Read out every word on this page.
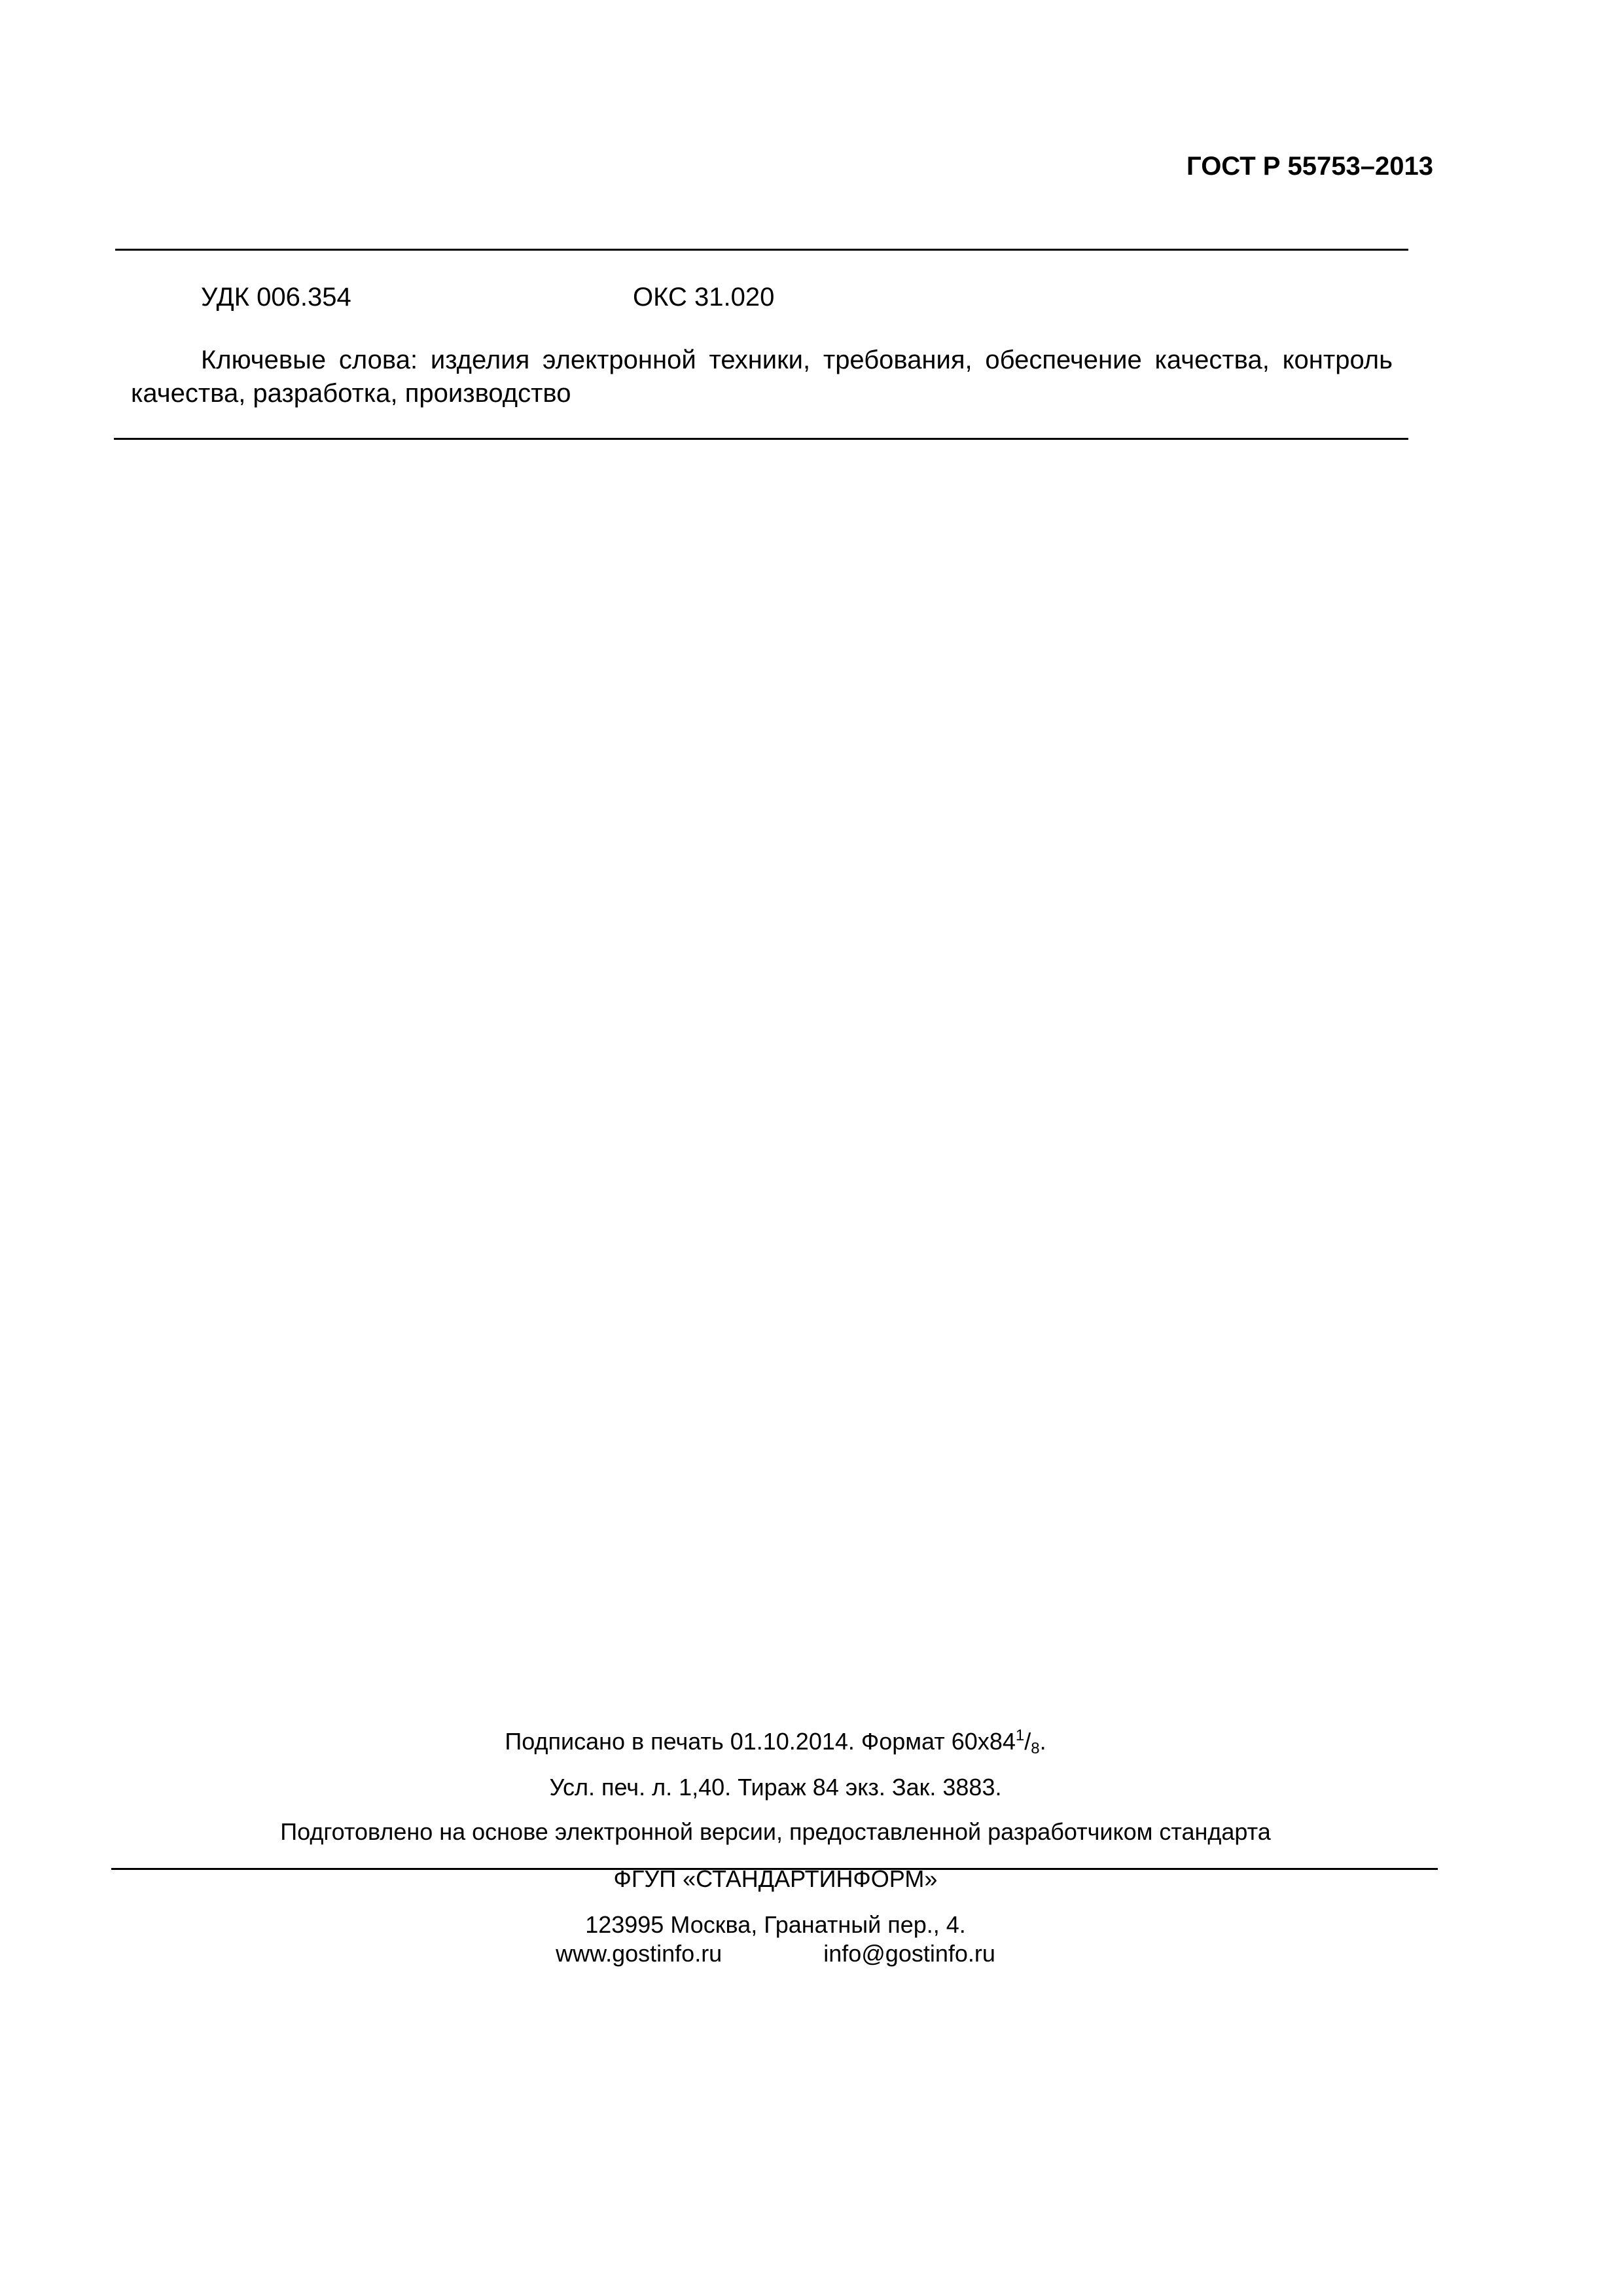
ГОСТ Р 55753–2013
УДК 006.354	ОКС 31.020
Ключевые слова: изделия электронной техники, требования, обеспечение качества, контроль качества, разработка, производство
Подписано в печать 01.10.2014. Формат $60х84^1/8$.
Усл. печ. л. 1,40. Тираж 84 экз. Зак. 3883.
Подготовлено на основе электронной версии, предоставленной разработчиком стандарта
ФГУП «СТАНДАРТИНФОРМ»
123995 Москва, Гранатный пер., 4.
www.gostinfo.ru	info@gostinfo.ru
